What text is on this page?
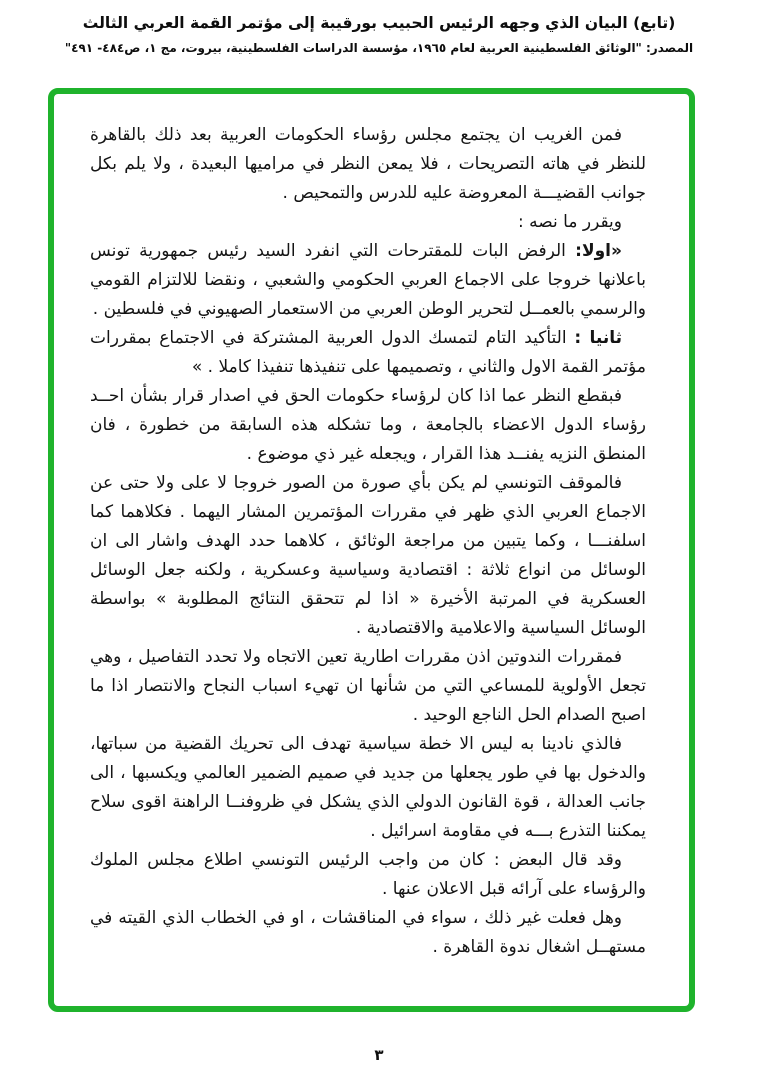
(تابع) البيان الذي وجهه الرئيس الحبيب بورقيبة إلى مؤتمر القمة العربي الثالث

المصدر: "الوثائق الفلسطينية العربية لعام ١٩٦٥، مؤسسة الدراسات الفلسطينية، بيروت، مج ١، ص٤٨٤- ٤٩١"

فمن الغريب ان يجتمع مجلس رؤساء الحكومات العربية بعد ذلك بالقاهرة للنظر في هاته التصريحات ، فلا يمعن النظر في مراميها البعيدة ، ولا يلم بكل جوانب القضيـــة المعروضة عليه للدرس والتمحيص .

ويقرر ما نصه :

«اولا: الرفض البات للمقترحات التي انفرد السيد رئيس جمهورية تونس باعلانها خروجا على الاجماع العربي الحكومي والشعبي ، ونقضا للالتزام القومي والرسمي بالعمــل لتحرير الوطن العربي من الاستعمار الصهيوني في فلسطين .

ثانيا : التأكيد التام لتمسك الدول العربية المشتركة في الاجتماع بمقررات مؤتمر القمة الاول والثاني ، وتصميمها على تنفيذها تنفيذا كاملا . »

فبقطع النظر عما اذا كان لرؤساء حكومات الحق في اصدار قرار بشأن احــد رؤساء الدول الاعضاء بالجامعة ، وما تشكله هذه السابقة من خطورة ، فان المنطق النزيه يفنــد هذا القرار ، ويجعله غير ذي موضوع .

فالموقف التونسي لم يكن بأي صورة من الصور خروجا لا على ولا حتى عن الاجماع العربي الذي ظهر في مقررات المؤتمرين المشار اليهما . فكلاهما كما اسلفنـــا ، وكما يتبين من مراجعة الوثائق ، كلاهما حدد الهدف واشار الى ان الوسائل من انواع ثلاثة : اقتصادية وسياسية وعسكرية ، ولكنه جعل الوسائل العسكرية في المرتبة الأخيرة « اذا لم تتحقق النتائج المطلوبة » بواسطة الوسائل السياسية والاعلامية والاقتصادية .

فمقررات الندوتين اذن مقررات اطارية تعين الاتجاه ولا تحدد التفاصيل ، وهي تجعل الأولوية للمساعي التي من شأنها ان تهيء اسباب النجاح والانتصار اذا ما اصبح الصدام الحل الناجع الوحيد .

فالذي نادينا به ليس الا خطة سياسية تهدف الى تحريك القضية من سباتها، والدخول بها في طور يجعلها من جديد في صميم الضمير العالمي ويكسبها ، الى جانب العدالة ، قوة القانون الدولي الذي يشكل في ظروفنــا الراهنة اقوى سلاح يمكننا التذرع بـــه في مقاومة اسرائيل .

وقد قال البعض : كان من واجب الرئيس التونسي اطلاع مجلس الملوك والرؤساء على آرائه قبل الاعلان عنها .

وهل فعلت غير ذلك ، سواء في المناقشات ، او في الخطاب الذي القيته في مستهــل اشغال ندوة القاهرة .

٣
